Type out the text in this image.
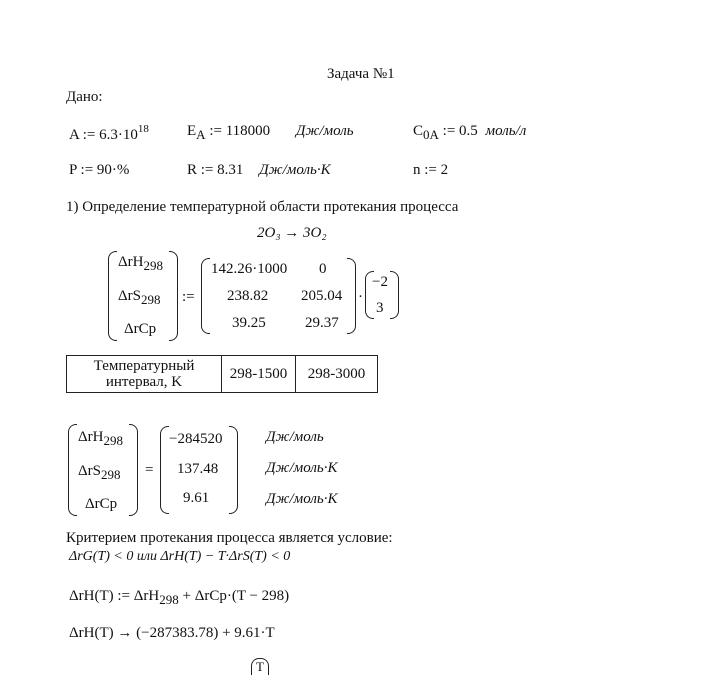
Задача №1
Дано:
A := $6.3\cdot 10^{18}$	EA := 118000 Дж/моль	C0A := 0.5 моль/л
P := 90·%	R := 8.31 Дж/моль·K	n := 2
1) Определение температурной области протекания процесса
2O₃ → 3O₂
ΔrH298
ΔrS298
ΔrCp
:=
142.26·1000 0
238.82 205.04
39.25	29.37
·
−2
3
Температурный интервал, K	298-1500	298-3000
ΔrH298
ΔrS298
ΔrCp
=
−284520
137.48
9.61
Дж/моль
Дж/моль·K
Дж/моль·K
Критерием протекания процесса является условие:
ΔrG(T) < 0 или ΔrH(T) − T·ΔrS(T) < 0
ΔrH(T) := ΔrH298 + ΔrCp·(T − 298)
ΔrH(T) → (−287383.78) + 9.61·T
T
